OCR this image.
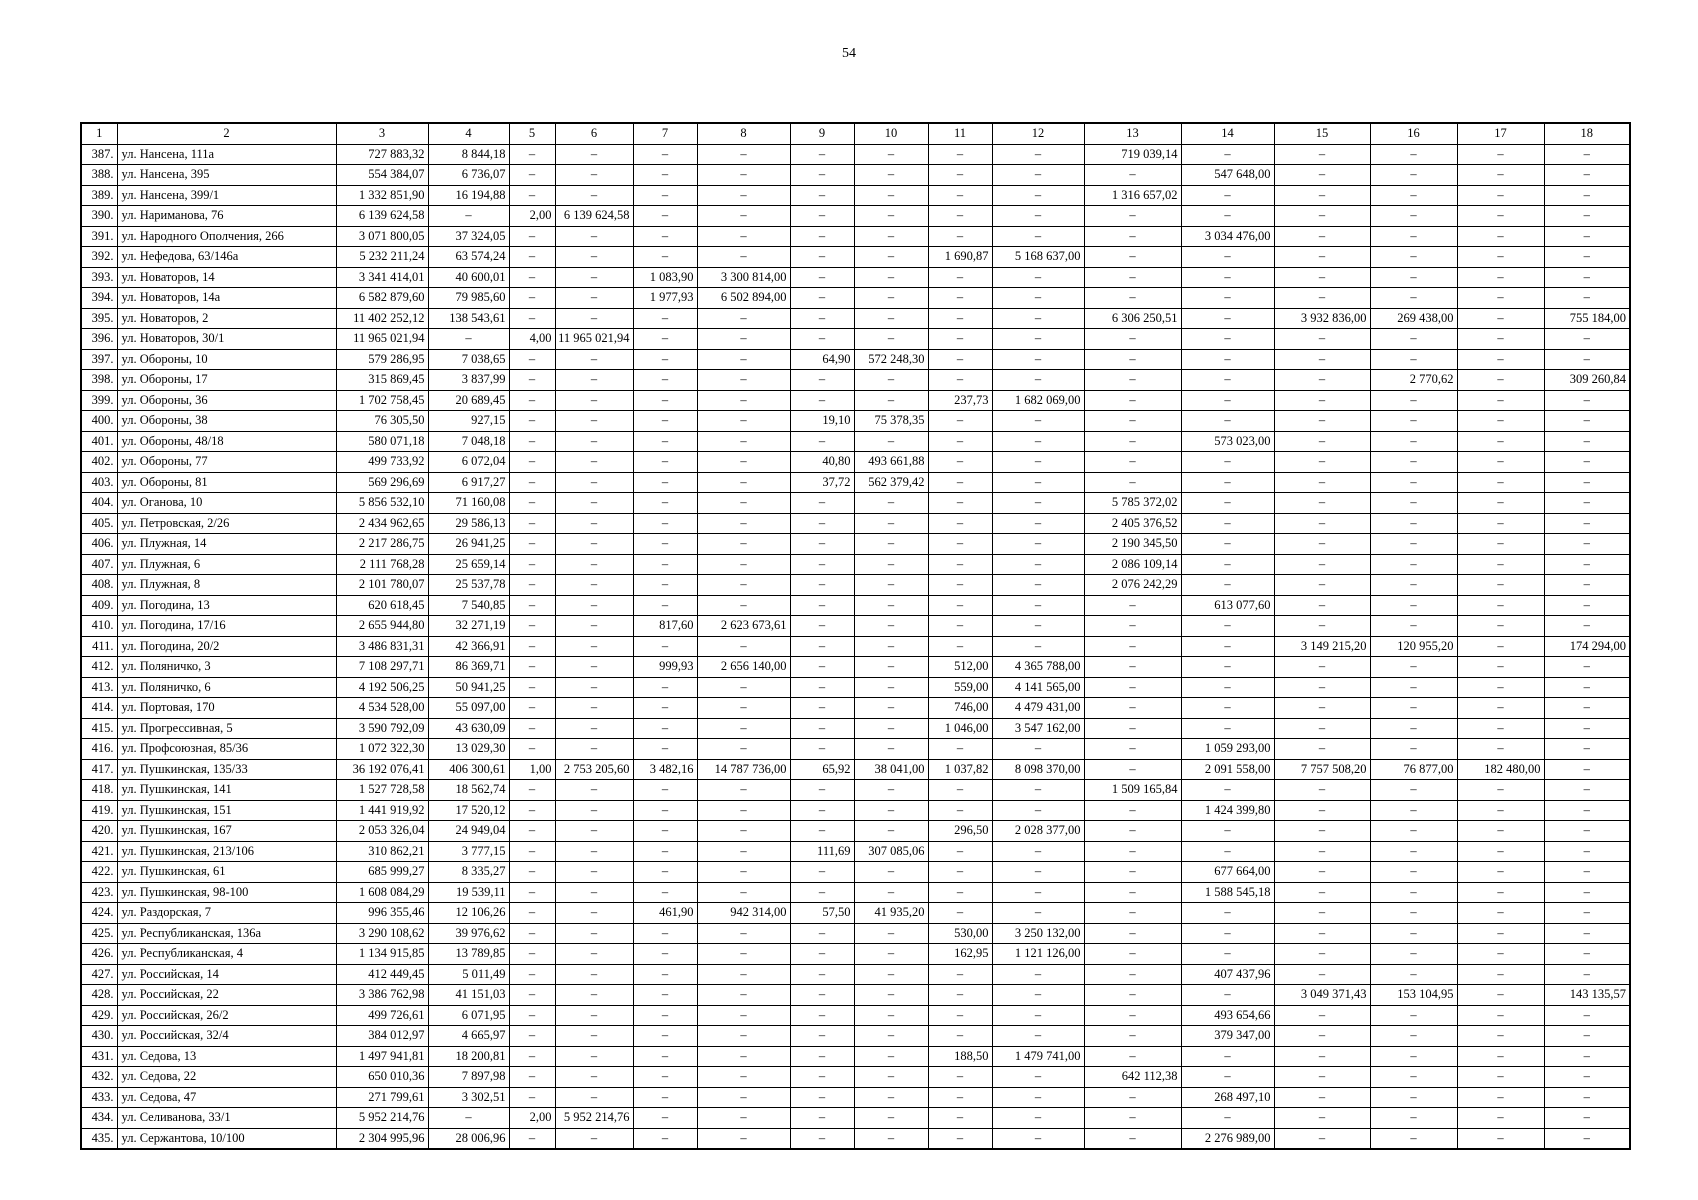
54
1	2	3	4	5	6	7	8	9	10	11	12	13	14	15	16	17	18
387.	ул. Нансена, 111а	727 883,32	8 844,18	–	–	–	–	–	–	–	–	719 039,14	–	–	–	–	–
388.	ул. Нансена, 395	554 384,07	6 736,07	–	–	–	–	–	–	–	–	–	547 648,00	–	–	–	–
389.	ул. Нансена, 399/1	1 332 851,90	16 194,88	–	–	–	–	–	–	–	–	1 316 657,02	–	–	–	–	–
390.	ул. Нариманова, 76	6 139 624,58	–	2,00	6 139 624,58	–	–	–	–	–	–	–	–	–	–	–	–
391.	ул. Народного Ополчения, 266	3 071 800,05	37 324,05	–	–	–	–	–	–	–	–	–	3 034 476,00	–	–	–	–
392.	ул. Нефедова, 63/146а	5 232 211,24	63 574,24	–	–	–	–	–	–	1 690,87	5 168 637,00	–	–	–	–	–	–
393.	ул. Новаторов, 14	3 341 414,01	40 600,01	–	–	1 083,90	3 300 814,00	–	–	–	–	–	–	–	–	–	–
394.	ул. Новаторов, 14а	6 582 879,60	79 985,60	–	–	1 977,93	6 502 894,00	–	–	–	–	–	–	–	–	–	–
395.	ул. Новаторов, 2	11 402 252,12	138 543,61	–	–	–	–	–	–	–	–	6 306 250,51	–	3 932 836,00	269 438,00	–	755 184,00
396.	ул. Новаторов, 30/1	11 965 021,94	–	4,00	11 965 021,94	–	–	–	–	–	–	–	–	–	–	–	–
397.	ул. Обороны, 10	579 286,95	7 038,65	–	–	–	–	64,90	572 248,30	–	–	–	–	–	–	–	–
398.	ул. Обороны, 17	315 869,45	3 837,99	–	–	–	–	–	–	–	–	–	–	–	2 770,62	–	309 260,84
399.	ул. Обороны, 36	1 702 758,45	20 689,45	–	–	–	–	–	–	237,73	1 682 069,00	–	–	–	–	–	–
400.	ул. Обороны, 38	76 305,50	927,15	–	–	–	–	19,10	75 378,35	–	–	–	–	–	–	–	–
401.	ул. Обороны, 48/18	580 071,18	7 048,18	–	–	–	–	–	–	–	–	–	573 023,00	–	–	–	–
402.	ул. Обороны, 77	499 733,92	6 072,04	–	–	–	–	40,80	493 661,88	–	–	–	–	–	–	–	–
403.	ул. Обороны, 81	569 296,69	6 917,27	–	–	–	–	37,72	562 379,42	–	–	–	–	–	–	–	–
404.	ул. Оганова, 10	5 856 532,10	71 160,08	–	–	–	–	–	–	–	–	5 785 372,02	–	–	–	–	–
405.	ул. Петровская, 2/26	2 434 962,65	29 586,13	–	–	–	–	–	–	–	–	2 405 376,52	–	–	–	–	–
406.	ул. Плужная, 14	2 217 286,75	26 941,25	–	–	–	–	–	–	–	–	2 190 345,50	–	–	–	–	–
407.	ул. Плужная, 6	2 111 768,28	25 659,14	–	–	–	–	–	–	–	–	2 086 109,14	–	–	–	–	–
408.	ул. Плужная, 8	2 101 780,07	25 537,78	–	–	–	–	–	–	–	–	2 076 242,29	–	–	–	–	–
409.	ул. Погодина, 13	620 618,45	7 540,85	–	–	–	–	–	–	–	–	–	613 077,60	–	–	–	–
410.	ул. Погодина, 17/16	2 655 944,80	32 271,19	–	–	817,60	2 623 673,61	–	–	–	–	–	–	–	–	–	–
411.	ул. Погодина, 20/2	3 486 831,31	42 366,91	–	–	–	–	–	–	–	–	–	–	3 149 215,20	120 955,20	–	174 294,00
412.	ул. Поляничко, 3	7 108 297,71	86 369,71	–	–	999,93	2 656 140,00	–	–	512,00	4 365 788,00	–	–	–	–	–	–
413.	ул. Поляничко, 6	4 192 506,25	50 941,25	–	–	–	–	–	–	559,00	4 141 565,00	–	–	–	–	–	–
414.	ул. Портовая, 170	4 534 528,00	55 097,00	–	–	–	–	–	–	746,00	4 479 431,00	–	–	–	–	–	–
415.	ул. Прогрессивная, 5	3 590 792,09	43 630,09	–	–	–	–	–	–	1 046,00	3 547 162,00	–	–	–	–	–	–
416.	ул. Профсоюзная, 85/36	1 072 322,30	13 029,30	–	–	–	–	–	–	–	–	–	1 059 293,00	–	–	–	–
417.	ул. Пушкинская, 135/33	36 192 076,41	406 300,61	1,00	2 753 205,60	3 482,16	14 787 736,00	65,92	38 041,00	1 037,82	8 098 370,00	–	2 091 558,00	7 757 508,20	76 877,00	182 480,00	–
418.	ул. Пушкинская, 141	1 527 728,58	18 562,74	–	–	–	–	–	–	–	–	1 509 165,84	–	–	–	–	–
419.	ул. Пушкинская, 151	1 441 919,92	17 520,12	–	–	–	–	–	–	–	–	–	1 424 399,80	–	–	–	–
420.	ул. Пушкинская, 167	2 053 326,04	24 949,04	–	–	–	–	–	–	296,50	2 028 377,00	–	–	–	–	–	–
421.	ул. Пушкинская, 213/106	310 862,21	3 777,15	–	–	–	–	111,69	307 085,06	–	–	–	–	–	–	–	–
422.	ул. Пушкинская, 61	685 999,27	8 335,27	–	–	–	–	–	–	–	–	–	677 664,00	–	–	–	–
423.	ул. Пушкинская, 98-100	1 608 084,29	19 539,11	–	–	–	–	–	–	–	–	–	1 588 545,18	–	–	–	–
424.	ул. Раздорская, 7	996 355,46	12 106,26	–	–	461,90	942 314,00	57,50	41 935,20	–	–	–	–	–	–	–	–
425.	ул. Республиканская, 136а	3 290 108,62	39 976,62	–	–	–	–	–	–	530,00	3 250 132,00	–	–	–	–	–	–
426.	ул. Республиканская, 4	1 134 915,85	13 789,85	–	–	–	–	–	–	162,95	1 121 126,00	–	–	–	–	–	–
427.	ул. Российская, 14	412 449,45	5 011,49	–	–	–	–	–	–	–	–	–	407 437,96	–	–	–	–
428.	ул. Российская, 22	3 386 762,98	41 151,03	–	–	–	–	–	–	–	–	–	–	3 049 371,43	153 104,95	–	143 135,57
429.	ул. Российская, 26/2	499 726,61	6 071,95	–	–	–	–	–	–	–	–	–	493 654,66	–	–	–	–
430.	ул. Российская, 32/4	384 012,97	4 665,97	–	–	–	–	–	–	–	–	–	379 347,00	–	–	–	–
431.	ул. Седова, 13	1 497 941,81	18 200,81	–	–	–	–	–	–	188,50	1 479 741,00	–	–	–	–	–	–
432.	ул. Седова, 22	650 010,36	7 897,98	–	–	–	–	–	–	–	–	642 112,38	–	–	–	–	–
433.	ул. Седова, 47	271 799,61	3 302,51	–	–	–	–	–	–	–	–	–	268 497,10	–	–	–	–
434.	ул. Селиванова, 33/1	5 952 214,76	–	2,00	5 952 214,76	–	–	–	–	–	–	–	–	–	–	–	–
435.	ул. Сержантова, 10/100	2 304 995,96	28 006,96	–	–	–	–	–	–	–	–	–	2 276 989,00	–	–	–	–
